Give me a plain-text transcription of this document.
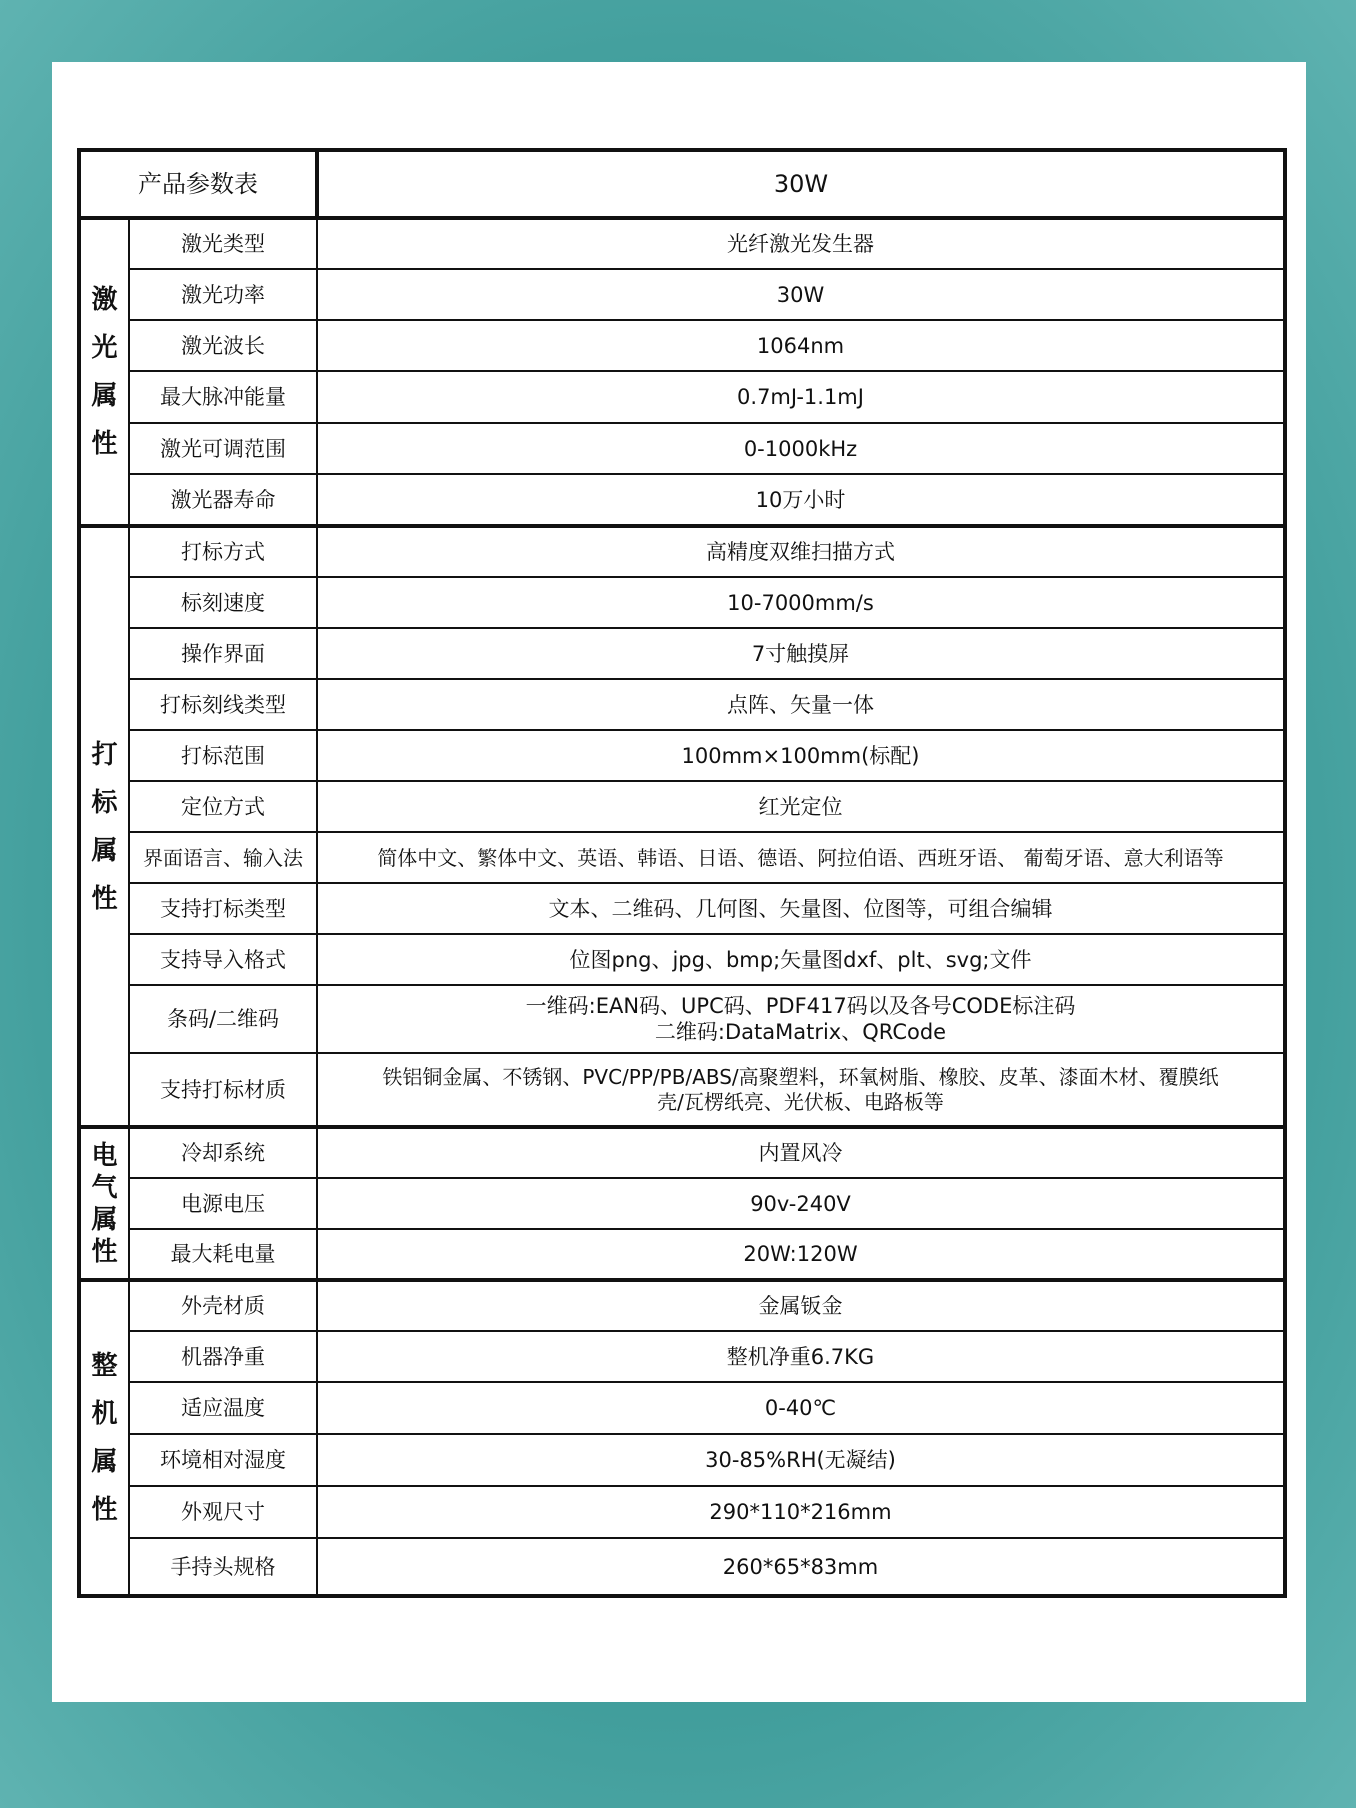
产品参数表		30W

激
光
属
性	激光类型	光纤激光发生器
	激光功率	30W
	激光波长	1064nm
	最大脉冲能量	0.7mJ-1.1mJ
	激光可调范围	0-1000kHz
	激光器寿命	10万小时

打
标
属
性	打标方式	高精度双维扫描方式
	标刻速度	10-7000mm/s
	操作界面	7寸触摸屏
	打标刻线类型	点阵、矢量一体
	打标范围	100mm×100mm(标配)
	定位方式	红光定位
	界面语言、输入法	简体中文、繁体中文、英语、韩语、日语、德语、阿拉伯语、西班牙语、 葡萄牙语、意大利语等
	支持打标类型	文本、二维码、几何图、矢量图、位图等，可组合编辑
	支持导入格式	位图png、jpg、bmp;矢量图dxf、plt、svg;文件
	条码/二维码	一维码:EAN码、UPC码、PDF417码以及各号CODE标注码
二维码:DataMatrix、QRCode

	支持打标材质	铁铝铜金属、不锈钢、PVC/PP/PB/ABS/高聚塑料，环氧树脂、橡胶、皮革、漆面木材、覆膜纸
壳/瓦楞纸亮、光伏板、电路板等

电
气
属
性	冷却系统	内置风冷
	电源电压	90v-240V
	最大耗电量	20W:120W

整
机
属
性	外壳材质	金属钣金
	机器净重	整机净重6.7KG
	适应温度	0-40℃
	环境相对湿度	30-85%RH(无凝结)
	外观尺寸	290*110*216mm
	手持头规格	260*65*83mm
